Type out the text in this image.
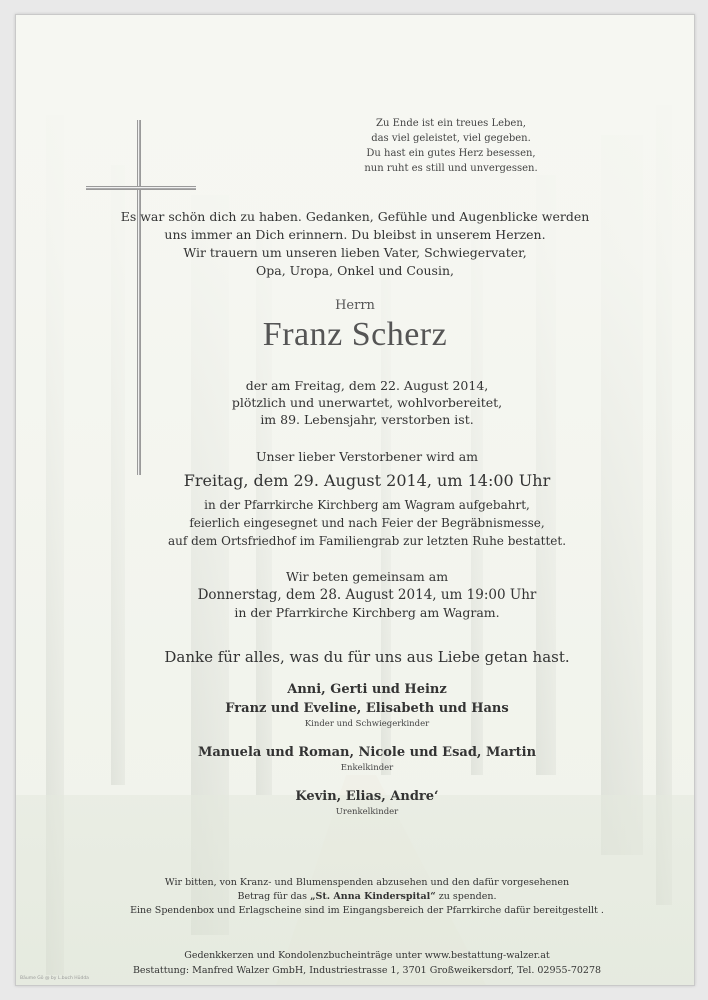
Zu Ende ist ein treues Leben,
das viel geleistet, viel gegeben.
Du hast ein gutes Herz besessen,
nun ruht es still und unvergessen.
Es war schön dich zu haben. Gedanken, Gefühle und Augenblicke werden
uns immer an Dich erinnern. Du bleibst in unserem Herzen.
Wir trauern um unseren lieben Vater, Schwiegervater,
Opa, Uropa, Onkel und Cousin,
Herrn
Franz Scherz
der am Freitag, dem 22. August 2014,
plötzlich und unerwartet, wohlvorbereitet,
im 89. Lebensjahr, verstorben ist.
Unser lieber Verstorbener wird am
Freitag, dem 29. August 2014, um 14:00 Uhr
in der Pfarrkirche Kirchberg am Wagram aufgebahrt,
feierlich eingesegnet und nach Feier der Begräbnismesse,
auf dem Ortsfriedhof im Familiengrab zur letzten Ruhe bestattet.
Wir beten gemeinsam am
Donnerstag, dem 28. August 2014, um 19:00 Uhr
in der Pfarrkirche Kirchberg am Wagram.
Danke für alles, was du für uns aus Liebe getan hast.
Anni, Gerti und Heinz
Franz und Eveline, Elisabeth und Hans
Kinder und Schwiegerkinder
Manuela und Roman, Nicole und Esad, Martin
Enkelkinder
Kevin, Elias, Andre‘
Urenkelkinder
Wir bitten, von Kranz- und Blumenspenden abzusehen und den dafür vorgesehenen
Betrag für das „St. Anna Kinderspital“ zu spenden.
Eine Spendenbox und Erlagscheine sind im Eingangsbereich der Pfarrkirche dafür bereitgestellt .
Gedenkkerzen und Kondolenzbucheinträge unter www.bestattung-walzer.at
Bestattung: Manfred Walzer GmbH, Industriestrasse 1, 3701 Großweikersdorf, Tel. 02955-70278
Bäume Gö @ by L.buch Hüdda
